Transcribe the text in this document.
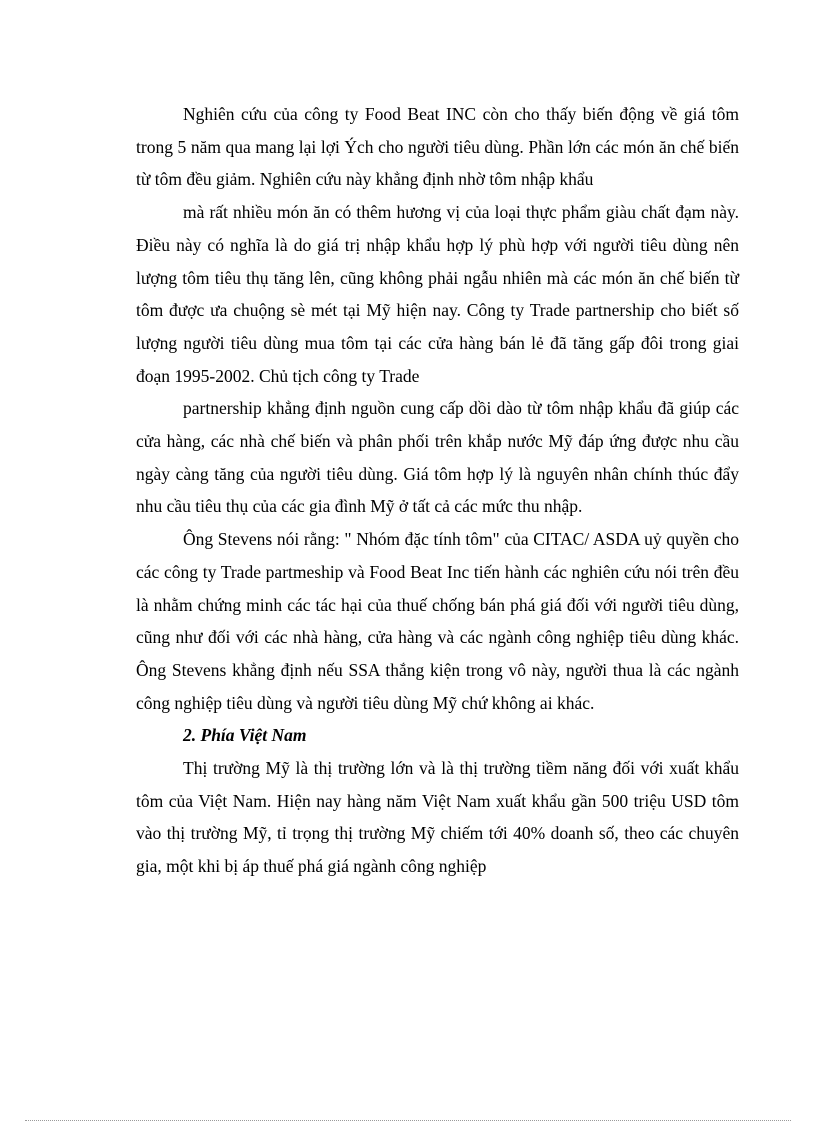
Nghiên cứu của công ty Food Beat INC còn cho thấy biến động về giá tôm trong 5 năm qua mang lại lợi Ých cho người tiêu dùng. Phần lớn các món ăn chế biến từ tôm đều giảm. Nghiên cứu này khẳng định nhờ tôm nhập khẩu

mà rất nhiều món ăn có thêm hương vị của loại thực phẩm giàu chất đạm này. Điều này có nghĩa là do giá trị nhập khẩu hợp lý phù hợp với người tiêu dùng nên lượng tôm tiêu thụ tăng lên, cũng không phải ngẫu nhiên mà các món ăn chế biến từ tôm được ưa chuộng sè mét tại Mỹ hiện nay. Công ty Trade partnership cho biết số lượng người tiêu dùng mua tôm tại các cửa hàng bán lẻ đã tăng gấp đôi trong giai đoạn 1995-2002. Chủ tịch công ty Trade

partnership khẳng định nguồn cung cấp dồi dào từ tôm nhập khẩu đã giúp các cửa hàng, các nhà chế biến và phân phối trên khắp nước Mỹ đáp ứng được nhu cầu ngày càng tăng của người tiêu dùng. Giá tôm hợp lý là nguyên nhân chính thúc đẩy nhu cầu tiêu thụ của các gia đình Mỹ ở tất cả các mức thu nhập.

Ông Stevens nói rằng: " Nhóm đặc tính tôm" của CITAC/ ASDA uỷ quyền cho các công ty Trade partmeship và Food Beat Inc tiến hành các nghiên cứu nói trên đều là nhằm chứng minh các tác hại của thuế chống bán phá giá đối với người tiêu dùng, cũng như đối với các nhà hàng, cửa hàng và các ngành công nghiệp tiêu dùng khác. Ông Stevens khẳng định nếu SSA thắng kiện trong vô này, người thua là các ngành công nghiệp tiêu dùng và người tiêu dùng Mỹ chứ không ai khác.

2. Phía Việt Nam

Thị trường Mỹ là thị trường lớn và là thị trường tiềm năng đối với xuất khẩu tôm của Việt Nam. Hiện nay hàng năm Việt Nam xuất khẩu gần 500 triệu USD tôm vào thị trường Mỹ, tỉ trọng thị trường Mỹ chiếm tới 40% doanh số, theo các chuyên gia, một khi bị áp thuế phá giá ngành công nghiệp
